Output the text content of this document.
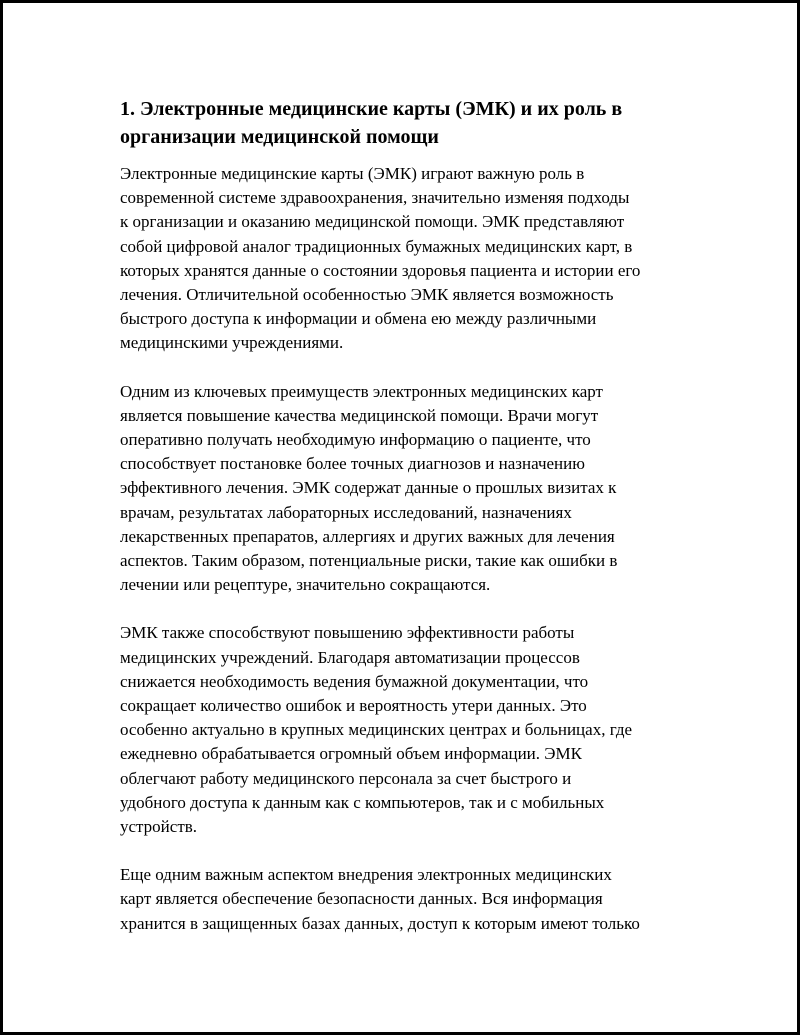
1. Электронные медицинские карты (ЭМК) и их роль в
организации медицинской помощи

Электронные медицинские карты (ЭМК) играют важную роль в
современной системе здравоохранения, значительно изменяя подходы
к организации и оказанию медицинской помощи. ЭМК представляют
собой цифровой аналог традиционных бумажных медицинских карт, в
которых хранятся данные о состоянии здоровья пациента и истории его
лечения. Отличительной особенностью ЭМК является возможность
быстрого доступа к информации и обмена ею между различными
медицинскими учреждениями.

Одним из ключевых преимуществ электронных медицинских карт
является повышение качества медицинской помощи. Врачи могут
оперативно получать необходимую информацию о пациенте, что
способствует постановке более точных диагнозов и назначению
эффективного лечения. ЭМК содержат данные о прошлых визитах к
врачам, результатах лабораторных исследований, назначениях
лекарственных препаратов, аллергиях и других важных для лечения
аспектов. Таким образом, потенциальные риски, такие как ошибки в
лечении или рецептуре, значительно сокращаются.

ЭМК также способствуют повышению эффективности работы
медицинских учреждений. Благодаря автоматизации процессов
снижается необходимость ведения бумажной документации, что
сокращает количество ошибок и вероятность утери данных. Это
особенно актуально в крупных медицинских центрах и больницах, где
ежедневно обрабатывается огромный объем информации. ЭМК
облегчают работу медицинского персонала за счет быстрого и
удобного доступа к данным как с компьютеров, так и с мобильных
устройств.

Еще одним важным аспектом внедрения электронных медицинских
карт является обеспечение безопасности данных. Вся информация
хранится в защищенных базах данных, доступ к которым имеют только
